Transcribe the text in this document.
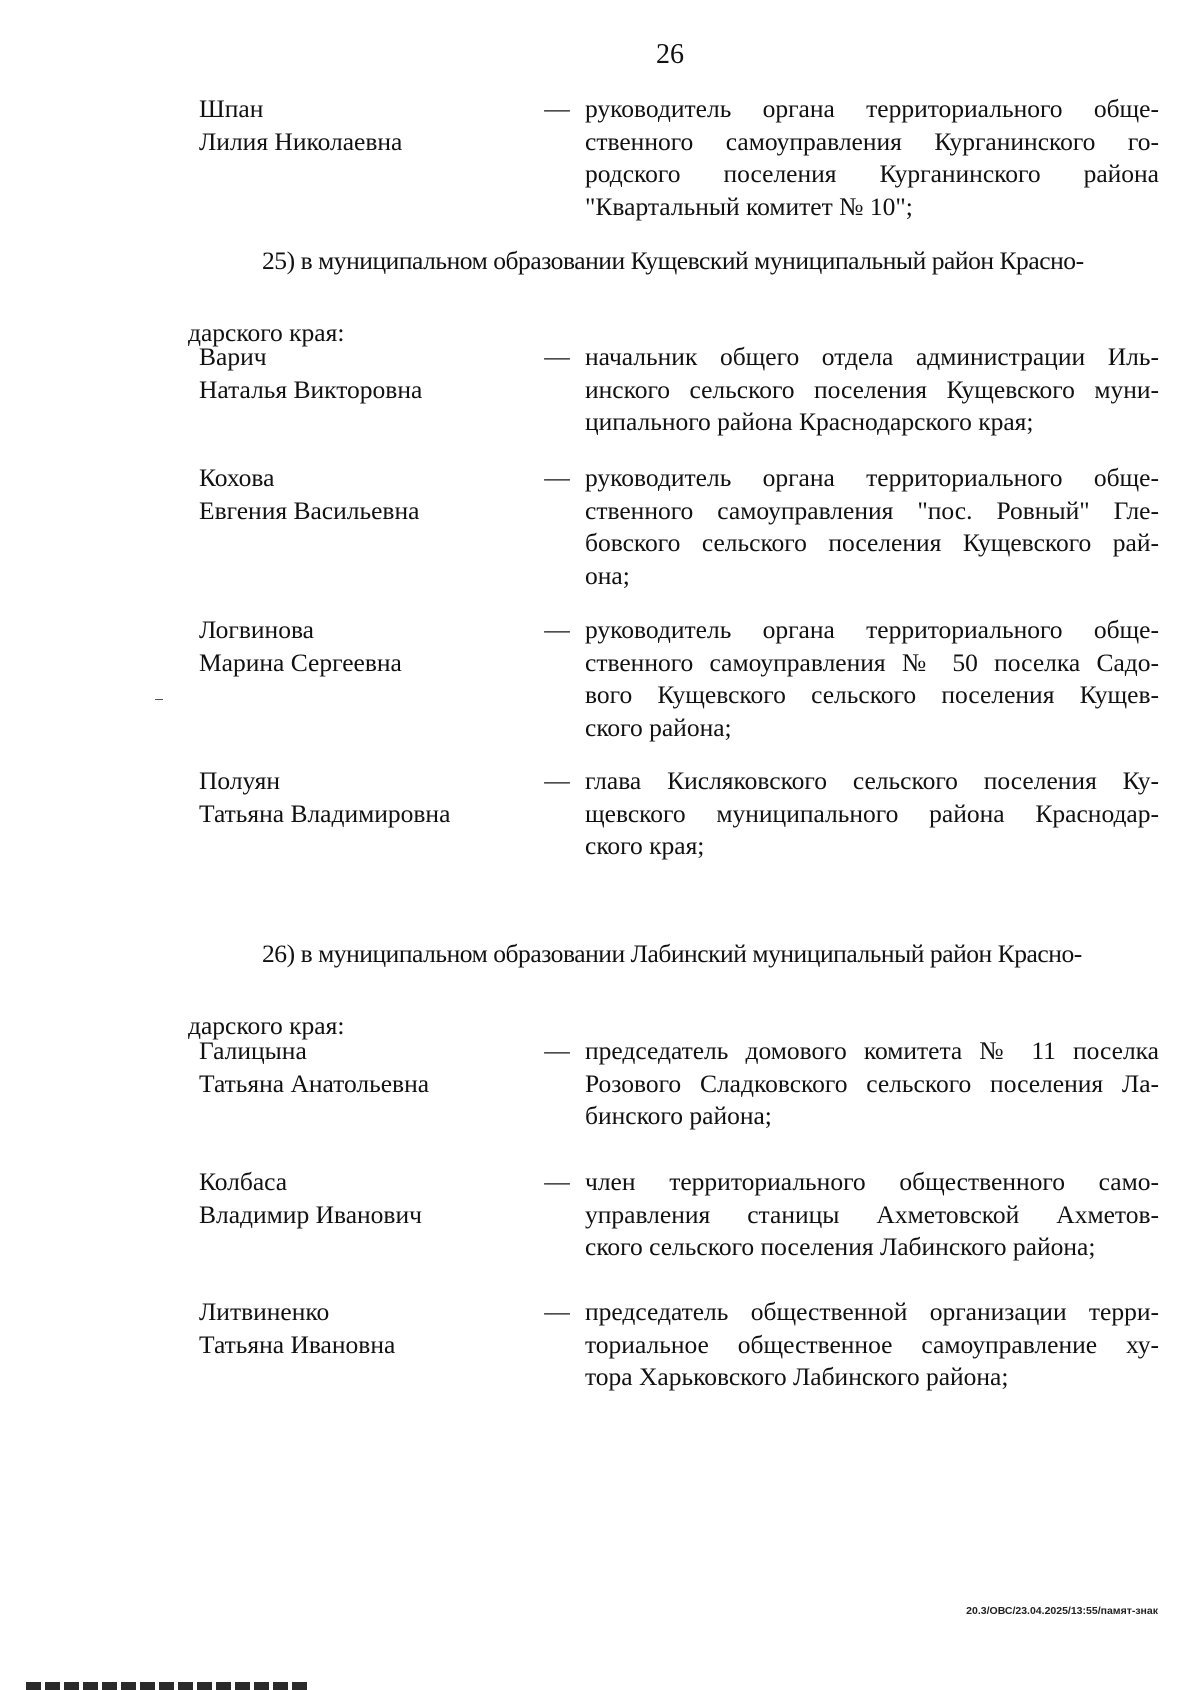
26
Шпан
Лилия Николаевна
— руководитель органа территориального обще-
ственного самоуправления Курганинского го-
родского поселения Курганинского района
"Квартальный комитет № 10";
25) в муниципальном образовании Кущевский муниципальный район Красно-
дарского края:
Варич
Наталья Викторовна
— начальник общего отдела администрации Иль-
инского сельского поселения Кущевского муни-
ципального района Краснодарского края;
Кохова
Евгения Васильевна
— руководитель органа территориального обще-
ственного самоуправления "пос. Ровный" Гле-
бовского сельского поселения Кущевского рай-
она;
Логвинова
Марина Сергеевна
— руководитель органа территориального обще-
ственного самоуправления № 50 поселка Садо-
вого Кущевского сельского поселения Кущев-
ского района;
Полуян
Татьяна Владимировна
— глава Кисляковского сельского поселения Ку-
щевского муниципального района Краснодар-
ского края;
26) в муниципальном образовании Лабинский муниципальный район Красно-
дарского края:
Галицына
Татьяна Анатольевна
— председатель домового комитета № 11 поселка
Розового Сладковского сельского поселения Ла-
бинского района;
Колбаса
Владимир Иванович
— член территориального общественного само-
управления станицы Ахметовской Ахметов-
ского сельского поселения Лабинского района;
Литвиненко
Татьяна Ивановна
— председатель общественной организации терри-
ториальное общественное самоуправление ху-
тора Харьковского Лабинского района;
20.3/ОВС/23.04.2025/13:55/памят-знак
